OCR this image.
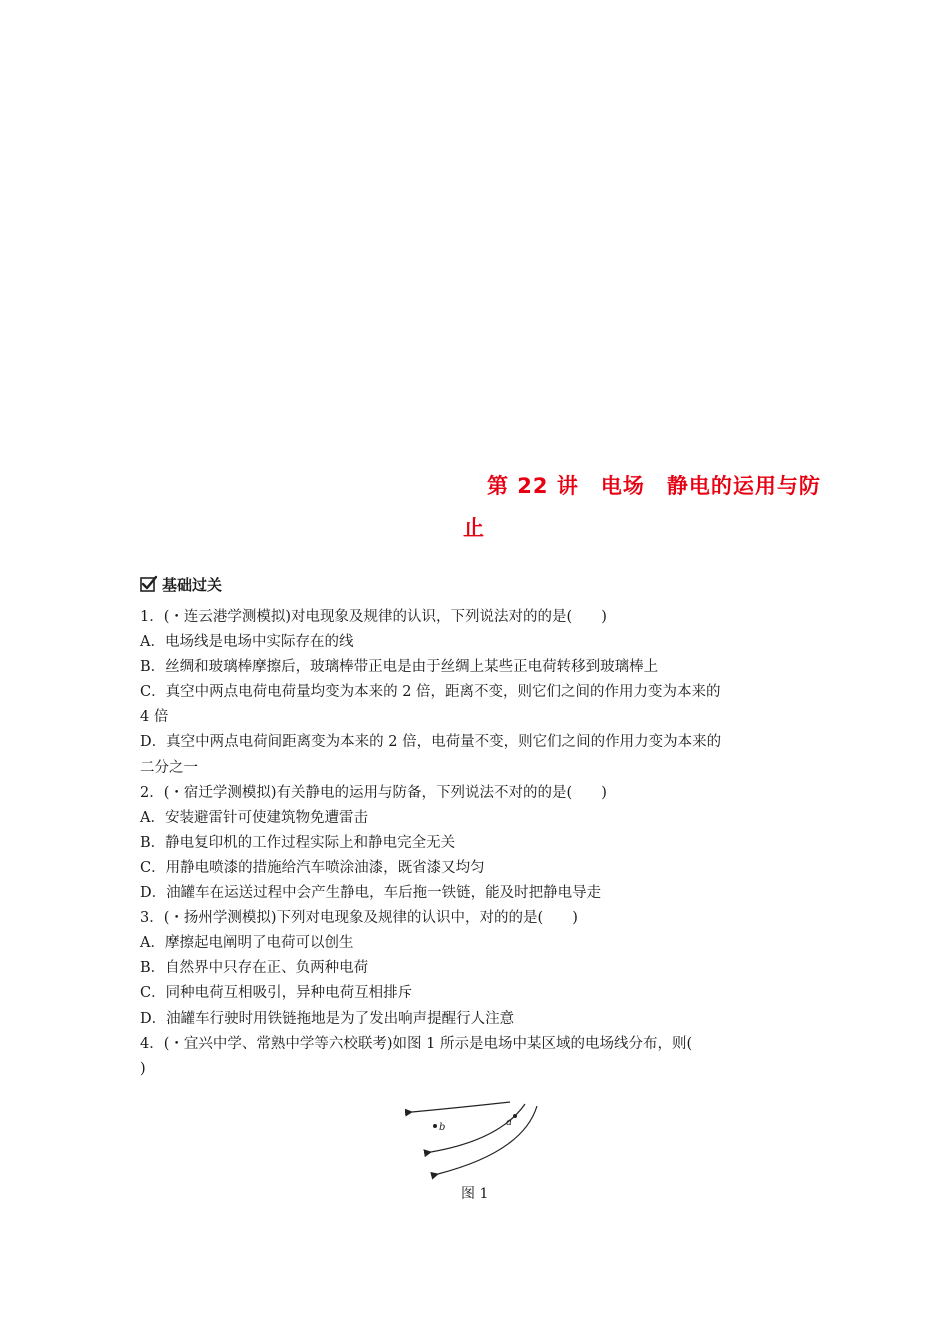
第 22 讲　电场　静电的运用与防
止
基础过关
1．(・连云港学测模拟)对电现象及规律的认识，下列说法对的的是(　　)
A．电场线是电场中实际存在的线
B．丝绸和玻璃棒摩擦后，玻璃棒带正电是由于丝绸上某些正电荷转移到玻璃棒上
C．真空中两点电荷电荷量均变为本来的 2 倍，距离不变，则它们之间的作用力变为本来的
4 倍
D．真空中两点电荷间距离变为本来的 2 倍，电荷量不变，则它们之间的作用力变为本来的
二分之一
2．(・宿迁学测模拟)有关静电的运用与防备，下列说法不对的的是(　　)
A．安装避雷针可使建筑物免遭雷击
B．静电复印机的工作过程实际上和静电完全无关
C．用静电喷漆的措施给汽车喷涂油漆，既省漆又均匀
D．油罐车在运送过程中会产生静电，车后拖一铁链，能及时把静电导走
3．(・扬州学测模拟)下列对电现象及规律的认识中，对的的是(　　)
A．摩擦起电阐明了电荷可以创生
B．自然界中只存在正、负两种电荷
C．同种电荷互相吸引，异种电荷互相排斥
D．油罐车行驶时用铁链拖地是为了发出响声提醒行人注意
4．(・宜兴中学、常熟中学等六校联考)如图 1 所示是电场中某区域的电场线分布，则(
)
b	a
图 1
